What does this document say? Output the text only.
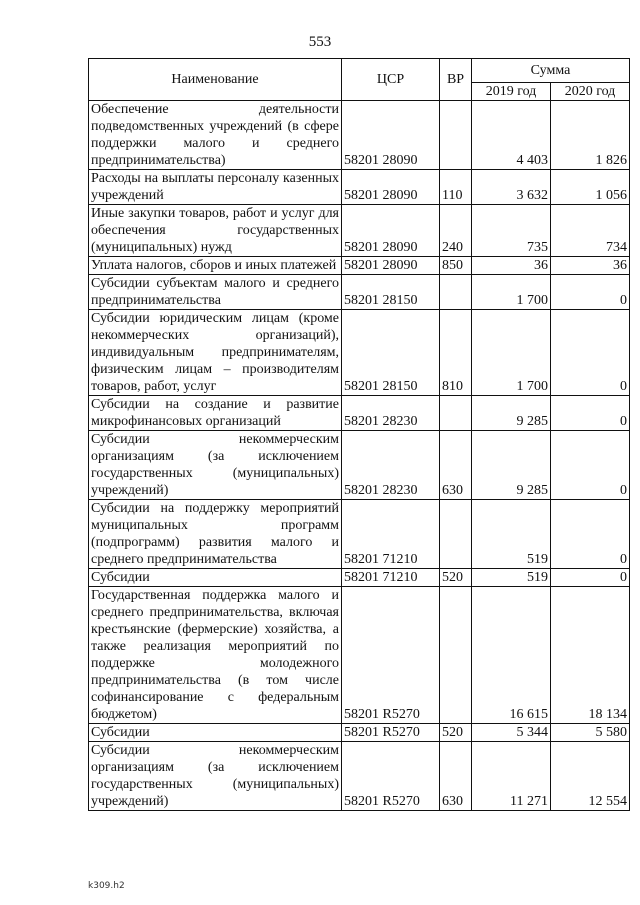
553
Наименование	ЦСР	ВР	Сумма	
			2019 год	2020 год
Обеспечение деятельности подведомственных учреждений (в сфере поддержки малого и среднего предпринимательства)	58201 28090		4 403	1 826
Расходы на выплаты персоналу казенных учреждений	58201 28090	110	3 632	1 056
Иные закупки товаров, работ и услуг для обеспечения государственных (муниципальных) нужд	58201 28090	240	735	734
Уплата налогов, сборов и иных платежей	58201 28090	850	36	36
Субсидии субъектам малого и среднего предпринимательства	58201 28150		1 700	0
Субсидии юридическим лицам (кроме некоммерческих организаций), индивидуальным предпринимателям, физическим лицам – производителям товаров, работ, услуг	58201 28150	810	1 700	0
Субсидии на создание и развитие микрофинансовых организаций	58201 28230		9 285	0
Субсидии некоммерческим организациям (за исключением государственных (муниципальных) учреждений)	58201 28230	630	9 285	0
Субсидии на поддержку мероприятий муниципальных программ (подпрограмм) развития малого и среднего предпринимательства	58201 71210		519	0
Субсидии	58201 71210	520	519	0
Государственная поддержка малого и среднего предпринимательства, включая крестьянские (фермерские) хозяйства, а также реализация мероприятий по поддержке молодежного предпринимательства (в том числе софинансирование с федеральным бюджетом)	58201 R5270		16 615	18 134
Субсидии	58201 R5270	520	5 344	5 580
Субсидии некоммерческим организациям (за исключением государственных (муниципальных) учреждений)	58201 R5270	630	11 271	12 554
k309.h2
